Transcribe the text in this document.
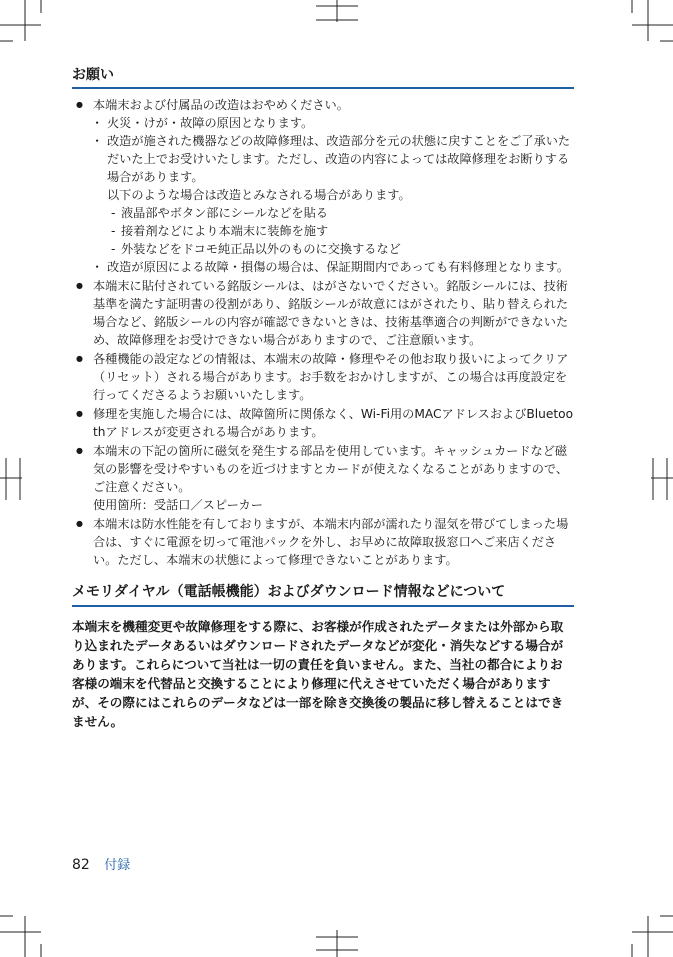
お願い
● 本端末および付属品の改造はおやめください。
・ 火災・けが・故障の原因となります。
・ 改造が施された機器などの故障修理は、改造部分を元の状態に戻すことをご了承いただいた上でお受けいたします。ただし、改造の内容によっては故障修理をお断りする場合があります。
以下のような場合は改造とみなされる場合があります。
- 液晶部やボタン部にシールなどを貼る
- 接着剤などにより本端末に装飾を施す
- 外装などをドコモ純正品以外のものに交換するなど
・ 改造が原因による故障・損傷の場合は、保証期間内であっても有料修理となります。
● 本端末に貼付されている銘版シールは、はがさないでください。銘版シールには、技術基準を満たす証明書の役割があり、銘版シールが故意にはがされたり、貼り替えられた場合など、銘版シールの内容が確認できないときは、技術基準適合の判断ができないため、故障修理をお受けできない場合がありますので、ご注意願います。
● 各種機能の設定などの情報は、本端末の故障・修理やその他お取り扱いによってクリア（リセット）される場合があります。お手数をおかけしますが、この場合は再度設定を行ってくださるようお願いいたします。
● 修理を実施した場合には、故障箇所に関係なく、Wi-Fi用のMACアドレスおよびBluetoothアドレスが変更される場合があります。
● 本端末の下記の箇所に磁気を発生する部品を使用しています。キャッシュカードなど磁気の影響を受けやすいものを近づけますとカードが使えなくなることがありますので、ご注意ください。
使用箇所：受話口／スピーカー
● 本端末は防水性能を有しておりますが、本端末内部が濡れたり湿気を帯びてしまった場合は、すぐに電源を切って電池パックを外し、お早めに故障取扱窓口へご来店ください。ただし、本端末の状態によって修理できないことがあります。
メモリダイヤル（電話帳機能）およびダウンロード情報などについて

本端末を機種変更や故障修理をする際に、お客様が作成されたデータまたは外部から取り込まれたデータあるいはダウンロードされたデータなどが変化・消失などする場合があります。これらについて当社は一切の責任を負いません。また、当社の都合によりお客様の端末を代替品と交換することにより修理に代えさせていただく場合がありますが、その際にはこれらのデータなどは一部を除き交換後の製品に移し替えることはできません。

82 付録
